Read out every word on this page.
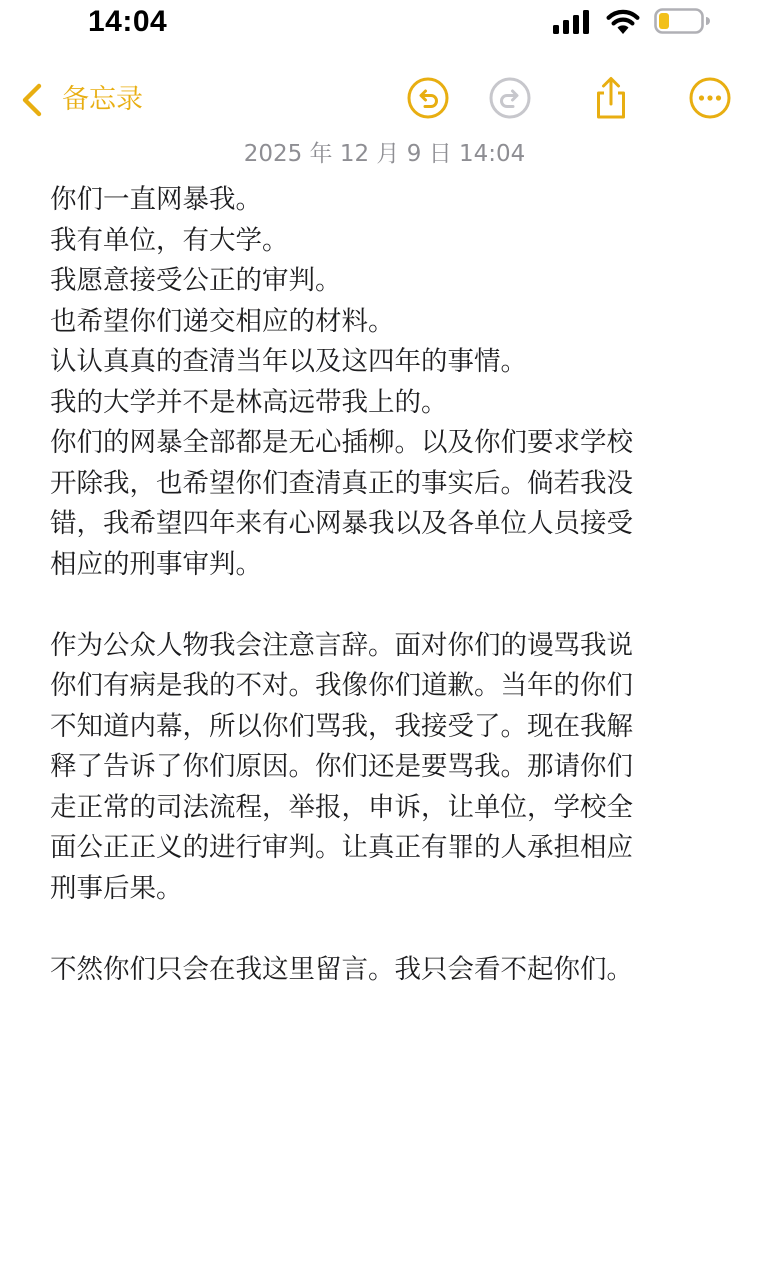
14:04
备忘录
2025 年 12 月 9 日 14:04

你们一直网暴我。

我有单位，有大学。

我愿意接受公正的审判。

也希望你们递交相应的材料。

认认真真的查清当年以及这四年的事情。

我的大学并不是林高远带我上的。

你们的网暴全部都是无心插柳。以及你们要求学校

开除我，也希望你们查清真正的事实后。倘若我没

错，我希望四年来有心网暴我以及各单位人员接受

相应的刑事审判。

作为公众人物我会注意言辞。面对你们的谩骂我说

你们有病是我的不对。我像你们道歉。当年的你们

不知道内幕，所以你们骂我，我接受了。现在我解

释了告诉了你们原因。你们还是要骂我。那请你们

走正常的司法流程，举报，申诉，让单位，学校全

面公正正义的进行审判。让真正有罪的人承担相应

刑事后果。

不然你们只会在我这里留言。我只会看不起你们。
